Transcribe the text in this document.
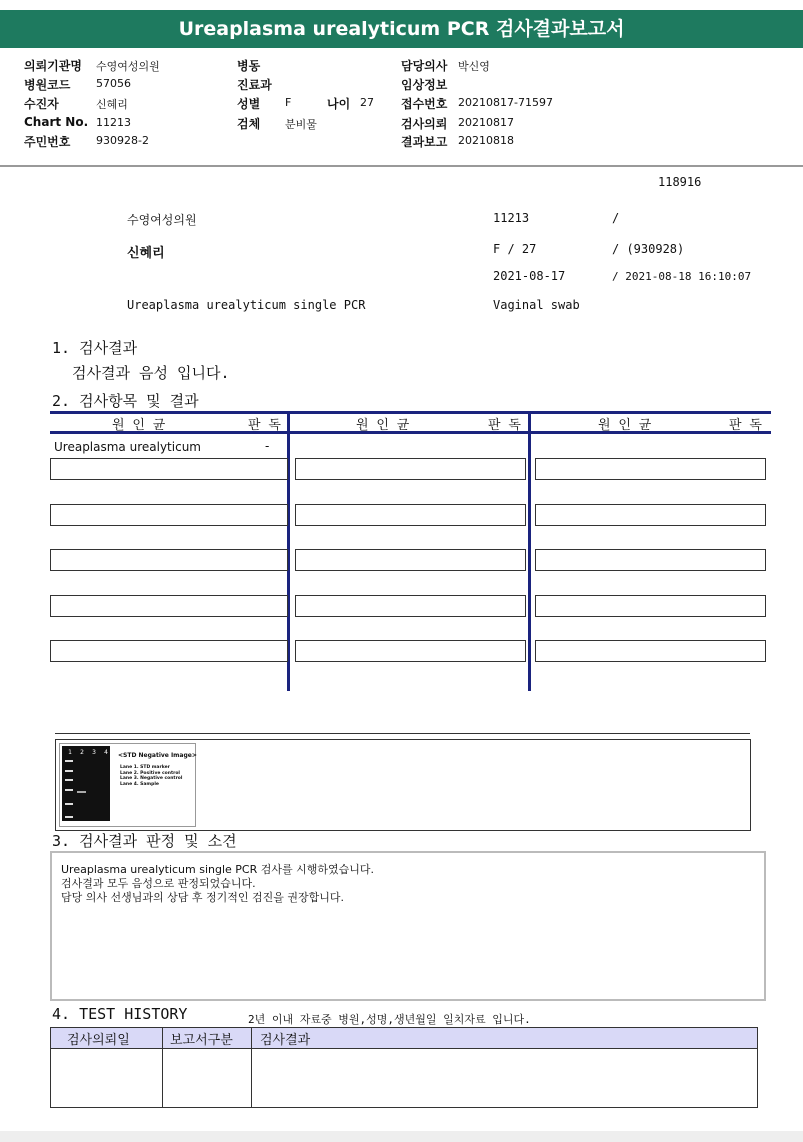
Ureaplasma urealyticum PCR 검사결과보고서
의뢰기관명 수영여성의원
병원코드 57056
수진자	신혜리
Chart No. 11213
주민번호 930928-2
병동
진료과
성별 F	나이 27
검체 분비물
담당의사 박신영
임상정보
접수번호 20210817-71597
검사의뢰 20210817
결과보고 20210818
118916
수영여성의원	11213	/
신혜리	F / 27	/ (930928)
2021-08-17	/ 2021-08-18 16:10:07
Ureaplasma urealyticum single PCR	Vaginal swab
1. 검사결과
검사결과 음성 입니다.
2. 검사항목 및 결과
원 인 균	판 독	원 인 균	판 독	원 인 균	판 독
Ureaplasma urealyticum	-
1 2 3 4 <STD Negative Image>
Lane 1. STD marker
Lane 2. Positive control
Lane 3. Negative control
Lane 4. Sample
3. 검사결과 판정 및 소견

Ureaplasma urealyticum single PCR 검사를 시행하였습니다.

검사결과 모두 음성으로 판정되었습니다.

담당 의사 선생님과의 상담 후 정기적인 검진을 권장합니다.

4. TEST HISTORY	2년 이내 자료중 병원,성명,생년월일 일치자료 입니다.
검사의뢰일	보고서구분	검사결과
